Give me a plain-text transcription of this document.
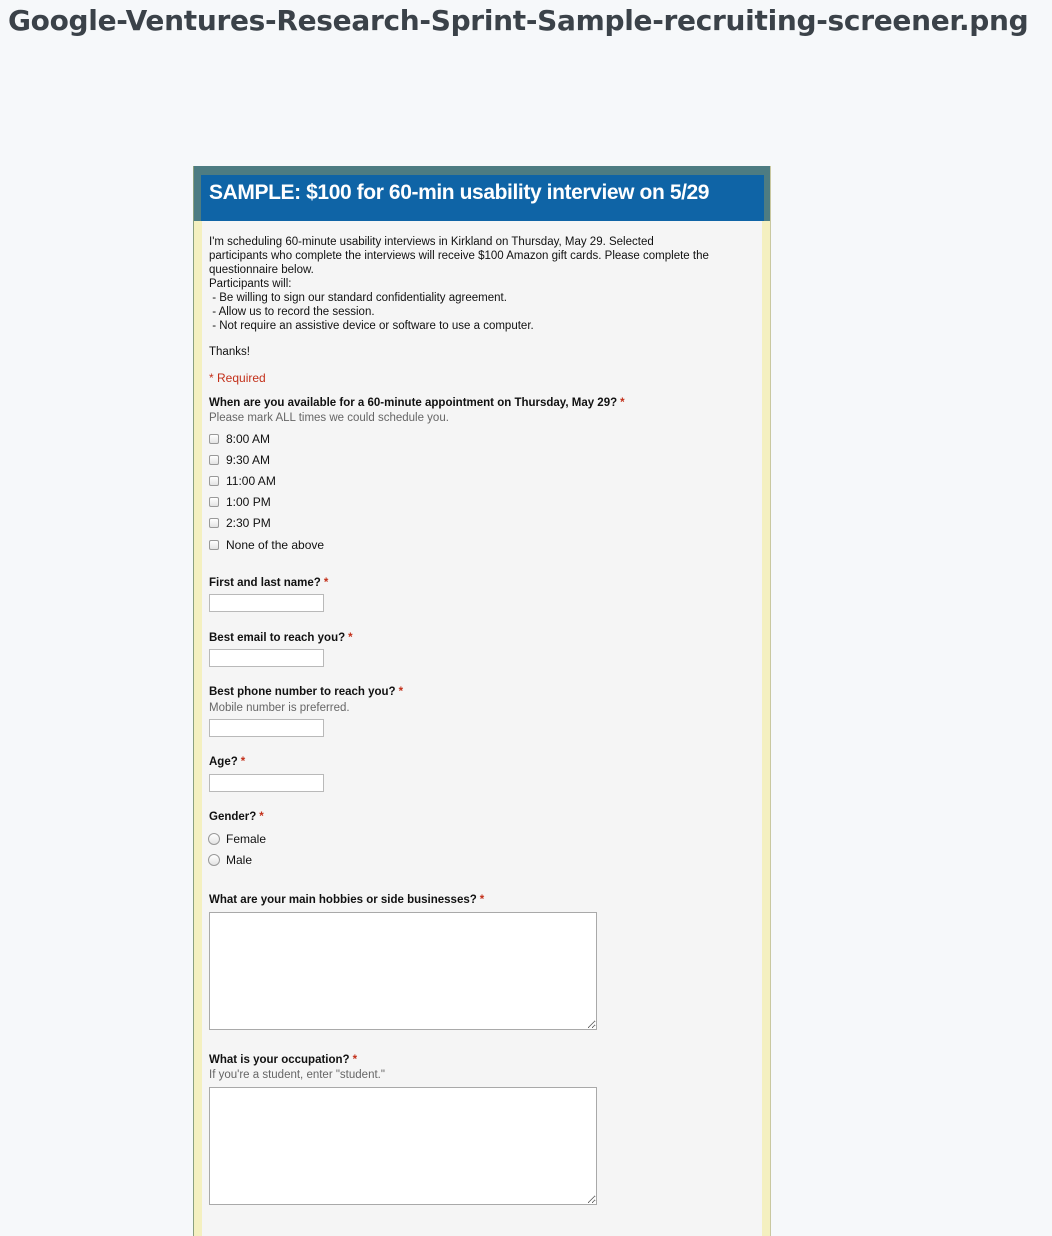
Google-Ventures-Research-Sprint-Sample-recruiting-screener.png
SAMPLE: $100 for 60-min usability interview on 5/29
I'm scheduling 60-minute usability interviews in Kirkland on Thursday, May 29. Selected
participants who complete the interviews will receive $100 Amazon gift cards. Please complete the
questionnaire below.
Participants will:
- Be willing to sign our standard confidentiality agreement.
- Allow us to record the session.
- Not require an assistive device or software to use a computer.
Thanks!
* Required
When are you available for a 60-minute appointment on Thursday, May 29? *
Please mark ALL times we could schedule you.
8:00 AM
9:30 AM
11:00 AM
1:00 PM
2:30 PM
None of the above
First and last name? *
Best email to reach you? *
Best phone number to reach you? *
Mobile number is preferred.
Age? *
Gender? *
Female
Male
What are your main hobbies or side businesses? *
What is your occupation? *
If you're a student, enter "student."
